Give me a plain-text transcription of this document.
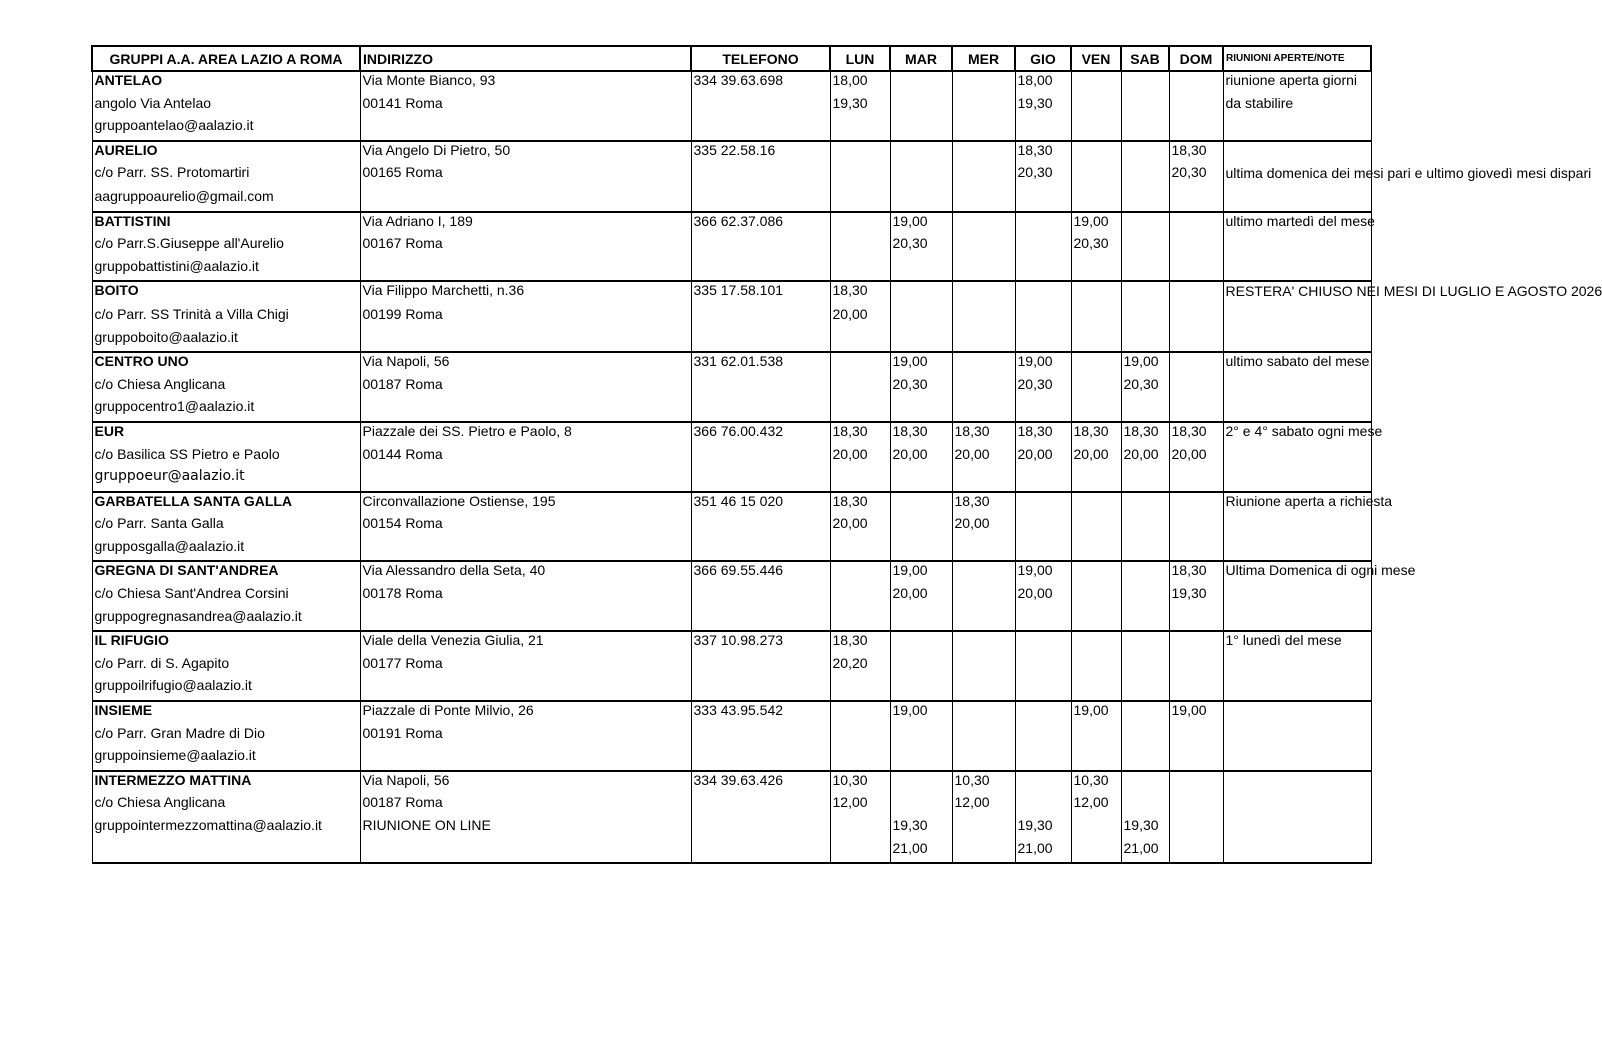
GRUPPI A.A. AREA LAZIO A ROMA	INDIRIZZO	TELEFONO	LUN	MAR	MER	GIO	VEN	SAB	DOM	RIUNIONI APERTE/NOTE
ANTELAO	Via Monte Bianco, 93	334 39.63.698	18,00			18,00				riunione aperta giorni
angolo Via Antelao	00141 Roma		19,30			19,30				da stabilire
gruppoantelao@aalazio.it										
AURELIO	Via Angelo Di Pietro, 50	335 22.58.16				18,30			18,30	
c/o Parr. SS. Protomartiri	00165 Roma					20,30			20,30	ultima domenica dei mesi pari e ultimo giovedì mesi dispari
aagruppoaurelio@gmail.com										
BATTISTINI	Via Adriano I, 189	366 62.37.086		19,00			19,00			ultimo martedì del mese
c/o Parr.S.Giuseppe all'Aurelio	00167 Roma			20,30			20,30			
gruppobattistini@aalazio.it										
BOITO	Via Filippo Marchetti, n.36	335 17.58.101	18,30							RESTERA' CHIUSO NEI MESI DI LUGLIO E AGOSTO 2026
c/o Parr. SS Trinità a Villa Chigi	00199 Roma		20,00							
gruppoboito@aalazio.it										
CENTRO UNO	Via Napoli, 56	331 62.01.538		19,00		19,00		19,00		ultimo sabato del mese
c/o Chiesa Anglicana	00187 Roma			20,30		20,30		20,30		
gruppocentro1@aalazio.it										
EUR	Piazzale dei SS. Pietro e Paolo, 8	366 76.00.432	18,30	18,30	18,30	18,30	18,30	18,30	18,30	2° e 4° sabato ogni mese
c/o Basilica SS Pietro e Paolo	00144 Roma		20,00	20,00	20,00	20,00	20,00	20,00	20,00	
gruppoeur@aalazio.it										
GARBATELLA SANTA GALLA	Circonvallazione Ostiense, 195	351 46 15 020	18,30		18,30					Riunione aperta a richiesta
c/o Parr. Santa Galla	00154 Roma		20,00		20,00					
grupposgalla@aalazio.it										
GREGNA DI SANT'ANDREA	Via Alessandro della Seta, 40	366 69.55.446		19,00		19,00			18,30	Ultima Domenica di ogni mese
c/o Chiesa Sant'Andrea Corsini	00178 Roma			20,00		20,00			19,30	
gruppogregnasandrea@aalazio.it										
IL RIFUGIO	Viale della Venezia Giulia, 21	337 10.98.273	18,30							1° lunedì del mese
c/o Parr. di S. Agapito	00177 Roma		20,20							
gruppoilrifugio@aalazio.it										
INSIEME	Piazzale di Ponte Milvio, 26	333 43.95.542		19,00			19,00		19,00	
c/o Parr. Gran Madre di Dio	00191 Roma									
gruppoinsieme@aalazio.it										
INTERMEZZO MATTINA	Via Napoli, 56	334 39.63.426	10,30		10,30		10,30			
c/o Chiesa Anglicana	00187 Roma		12,00		12,00		12,00			
gruppointermezzomattina@aalazio.it	RIUNIONE ON LINE			19,30		19,30		19,30		
				21,00		21,00		21,00		
